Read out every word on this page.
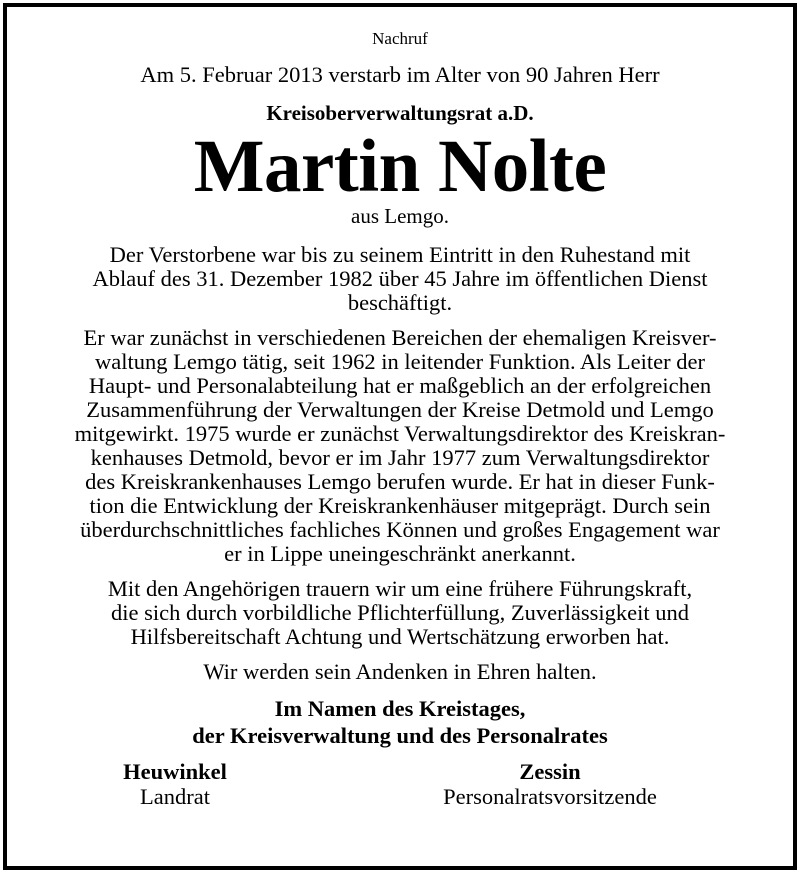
Nachruf
Am 5. Februar 2013 verstarb im Alter von 90 Jahren Herr
Kreisoberverwaltungsrat a.D.
Martin Nolte
aus Lemgo.
Der Verstorbene war bis zu seinem Eintritt in den Ruhestand mit
Ablauf des 31. Dezember 1982 über 45 Jahre im öffentlichen Dienst
beschäftigt.
Er war zunächst in verschiedenen Bereichen der ehemaligen Kreisver-
waltung Lemgo tätig, seit 1962 in leitender Funktion. Als Leiter der
Haupt- und Personalabteilung hat er maßgeblich an der erfolgreichen
Zusammenführung der Verwaltungen der Kreise Detmold und Lemgo
mitgewirkt. 1975 wurde er zunächst Verwaltungsdirektor des Kreiskran-
kenhauses Detmold, bevor er im Jahr 1977 zum Verwaltungsdirektor
des Kreiskrankenhauses Lemgo berufen wurde. Er hat in dieser Funk-
tion die Entwicklung der Kreiskrankenhäuser mitgeprägt. Durch sein
überdurchschnittliches fachliches Können und großes Engagement war
er in Lippe uneingeschränkt anerkannt.
Mit den Angehörigen trauern wir um eine frühere Führungskraft,
die sich durch vorbildliche Pflichterfüllung, Zuverlässigkeit und
Hilfsbereitschaft Achtung und Wertschätzung erworben hat.
Wir werden sein Andenken in Ehren halten.
Im Namen des Kreistages,
der Kreisverwaltung und des Personalrates
Heuwinkel
Landrat
Zessin
Personalratsvorsitzende
